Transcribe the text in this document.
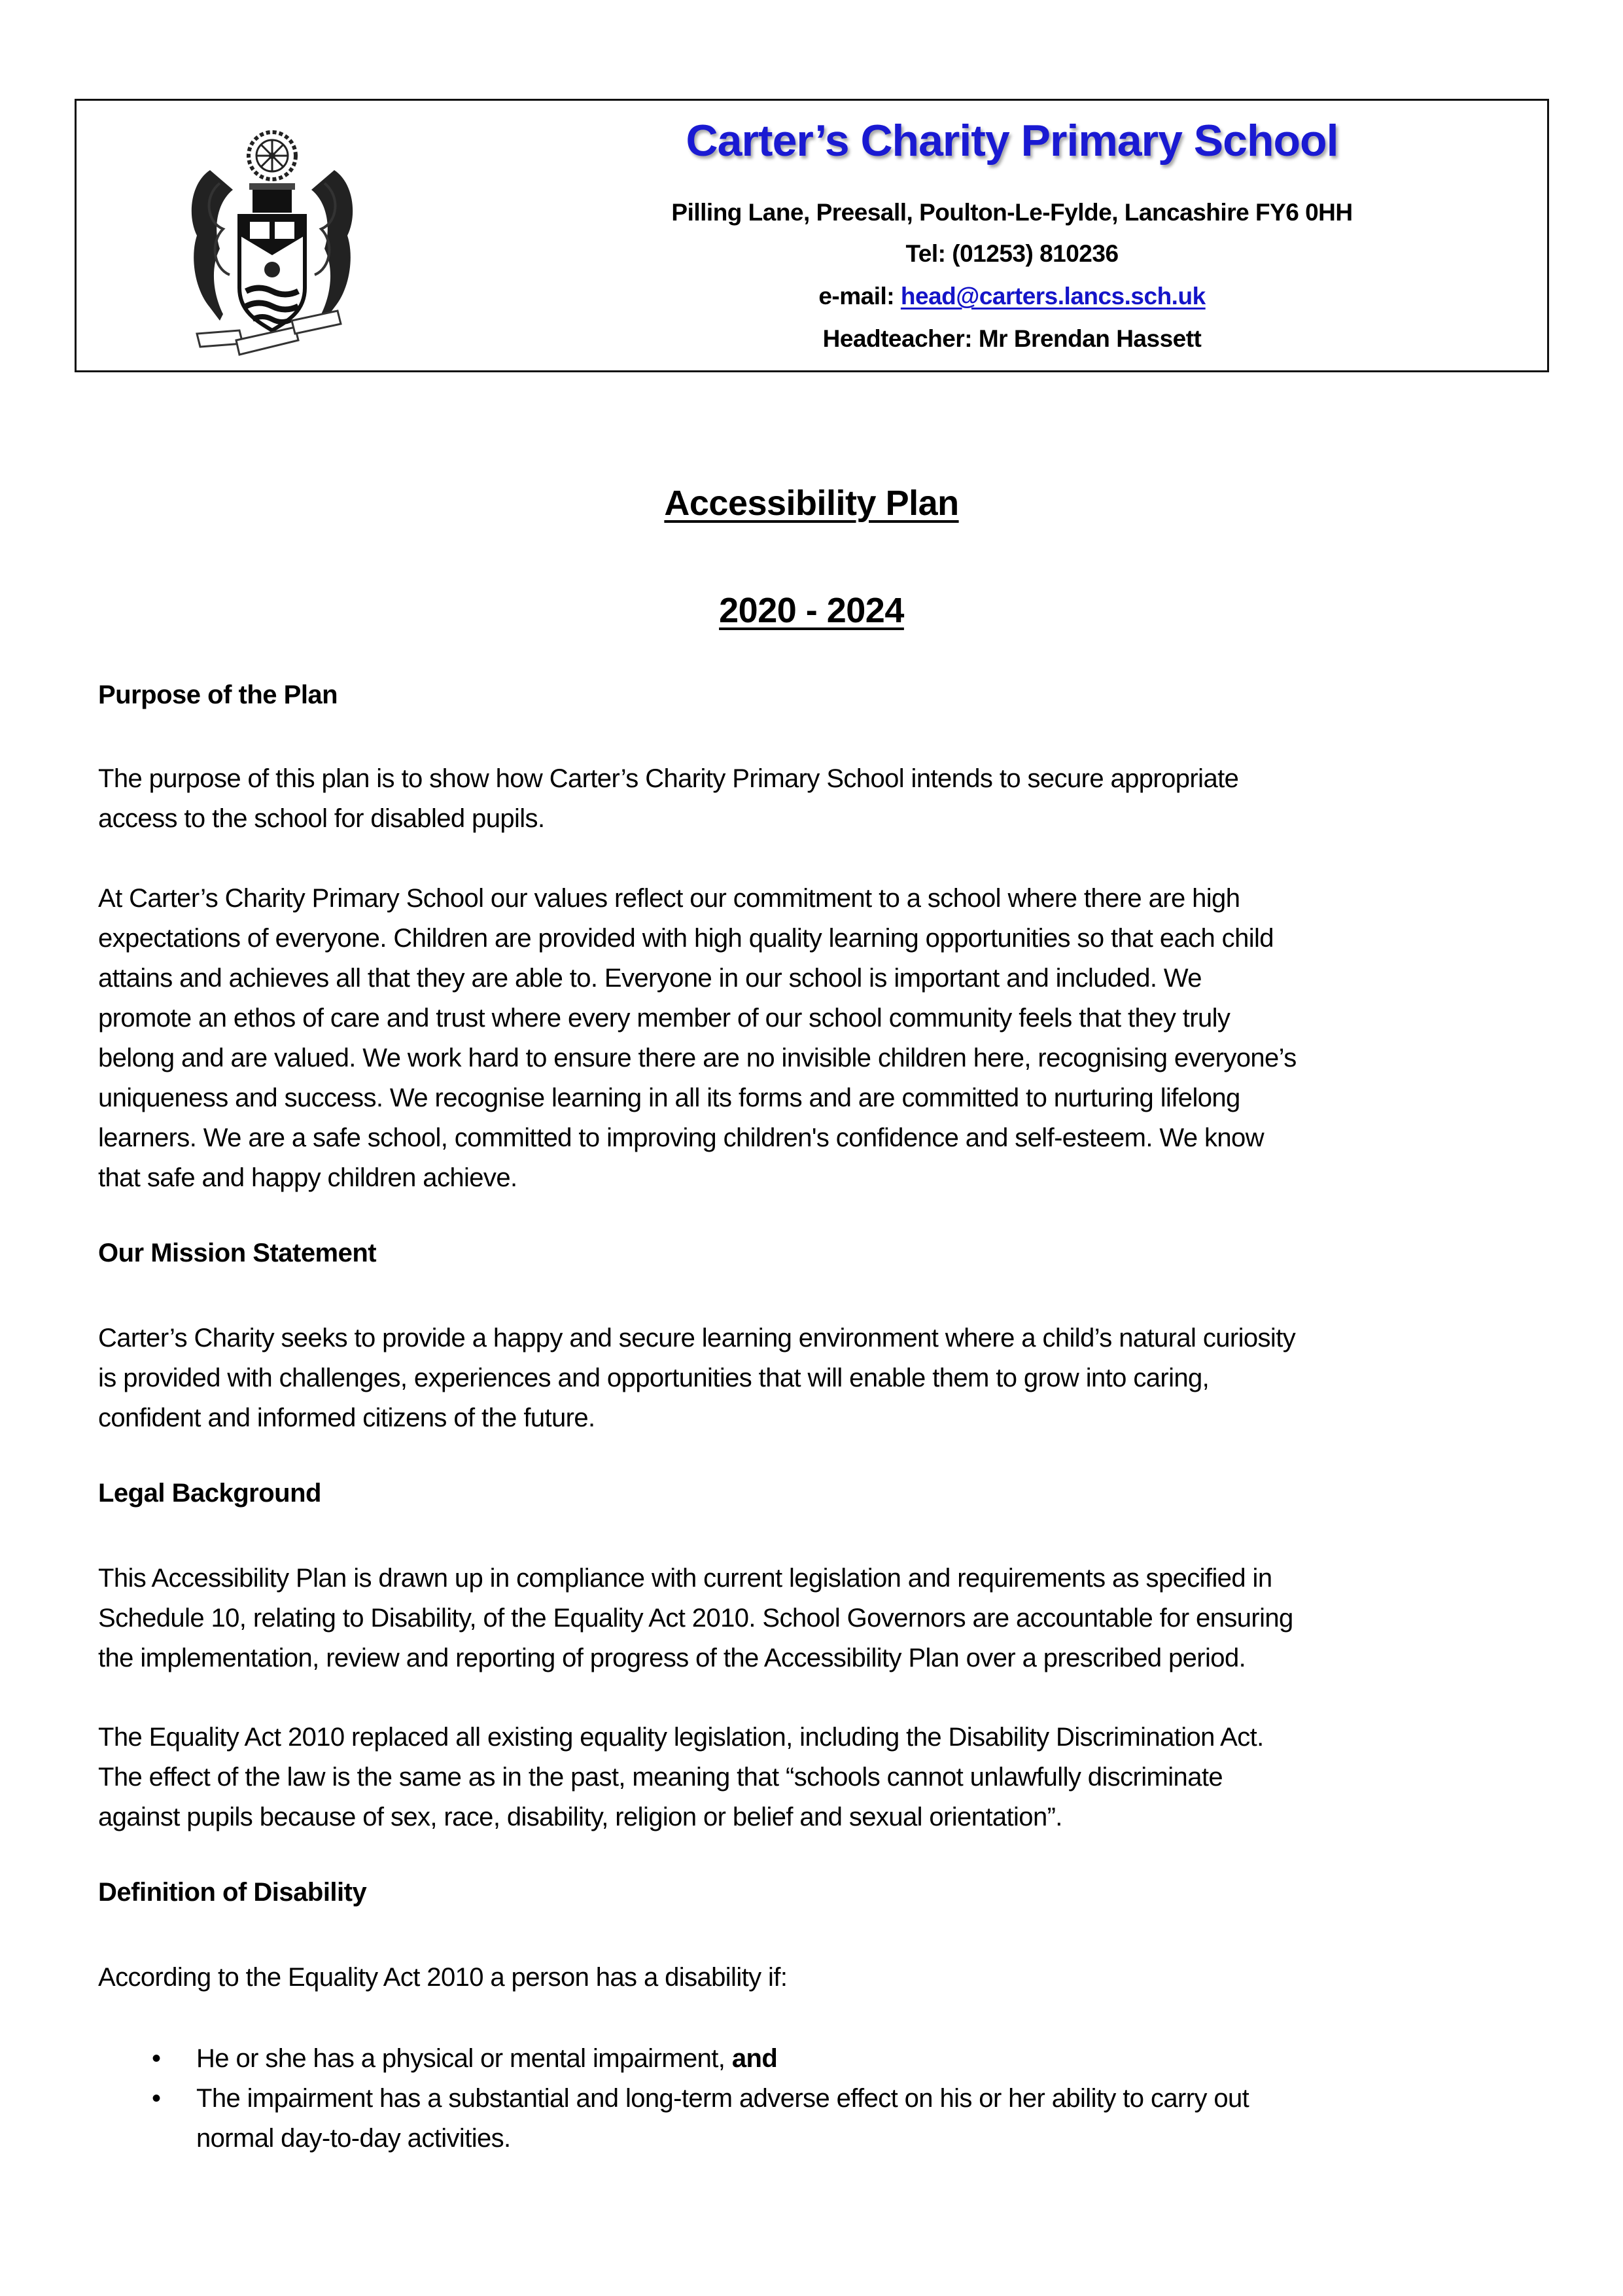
Carter’s Charity Primary School
Pilling Lane, Preesall, Poulton-Le-Fylde, Lancashire FY6 0HH
Tel: (01253) 810236
e-mail: head@carters.lancs.sch.uk
Headteacher: Mr Brendan Hassett
Accessibility Plan
2020 - 2024
Purpose of the Plan
The purpose of this plan is to show how Carter’s Charity Primary School intends to secure appropriate
access to the school for disabled pupils.
At Carter’s Charity Primary School our values reflect our commitment to a school where there are high
expectations of everyone. Children are provided with high quality learning opportunities so that each child
attains and achieves all that they are able to. Everyone in our school is important and included. We
promote an ethos of care and trust where every member of our school community feels that they truly
belong and are valued. We work hard to ensure there are no invisible children here, recognising everyone’s
uniqueness and success. We recognise learning in all its forms and are committed to nurturing lifelong
learners. We are a safe school, committed to improving children's confidence and self-esteem. We know
that safe and happy children achieve.
Our Mission Statement
Carter’s Charity seeks to provide a happy and secure learning environment where a child’s natural curiosity
is provided with challenges, experiences and opportunities that will enable them to grow into caring,
confident and informed citizens of the future.
Legal Background
This Accessibility Plan is drawn up in compliance with current legislation and requirements as specified in
Schedule 10, relating to Disability, of the Equality Act 2010. School Governors are accountable for ensuring
the implementation, review and reporting of progress of the Accessibility Plan over a prescribed period.
The Equality Act 2010 replaced all existing equality legislation, including the Disability Discrimination Act.
The effect of the law is the same as in the past, meaning that “schools cannot unlawfully discriminate
against pupils because of sex, race, disability, religion or belief and sexual orientation”.
Definition of Disability
According to the Equality Act 2010 a person has a disability if:
• He or she has a physical or mental impairment, and
• The impairment has a substantial and long-term adverse effect on his or her ability to carry out
normal day-to-day activities.
